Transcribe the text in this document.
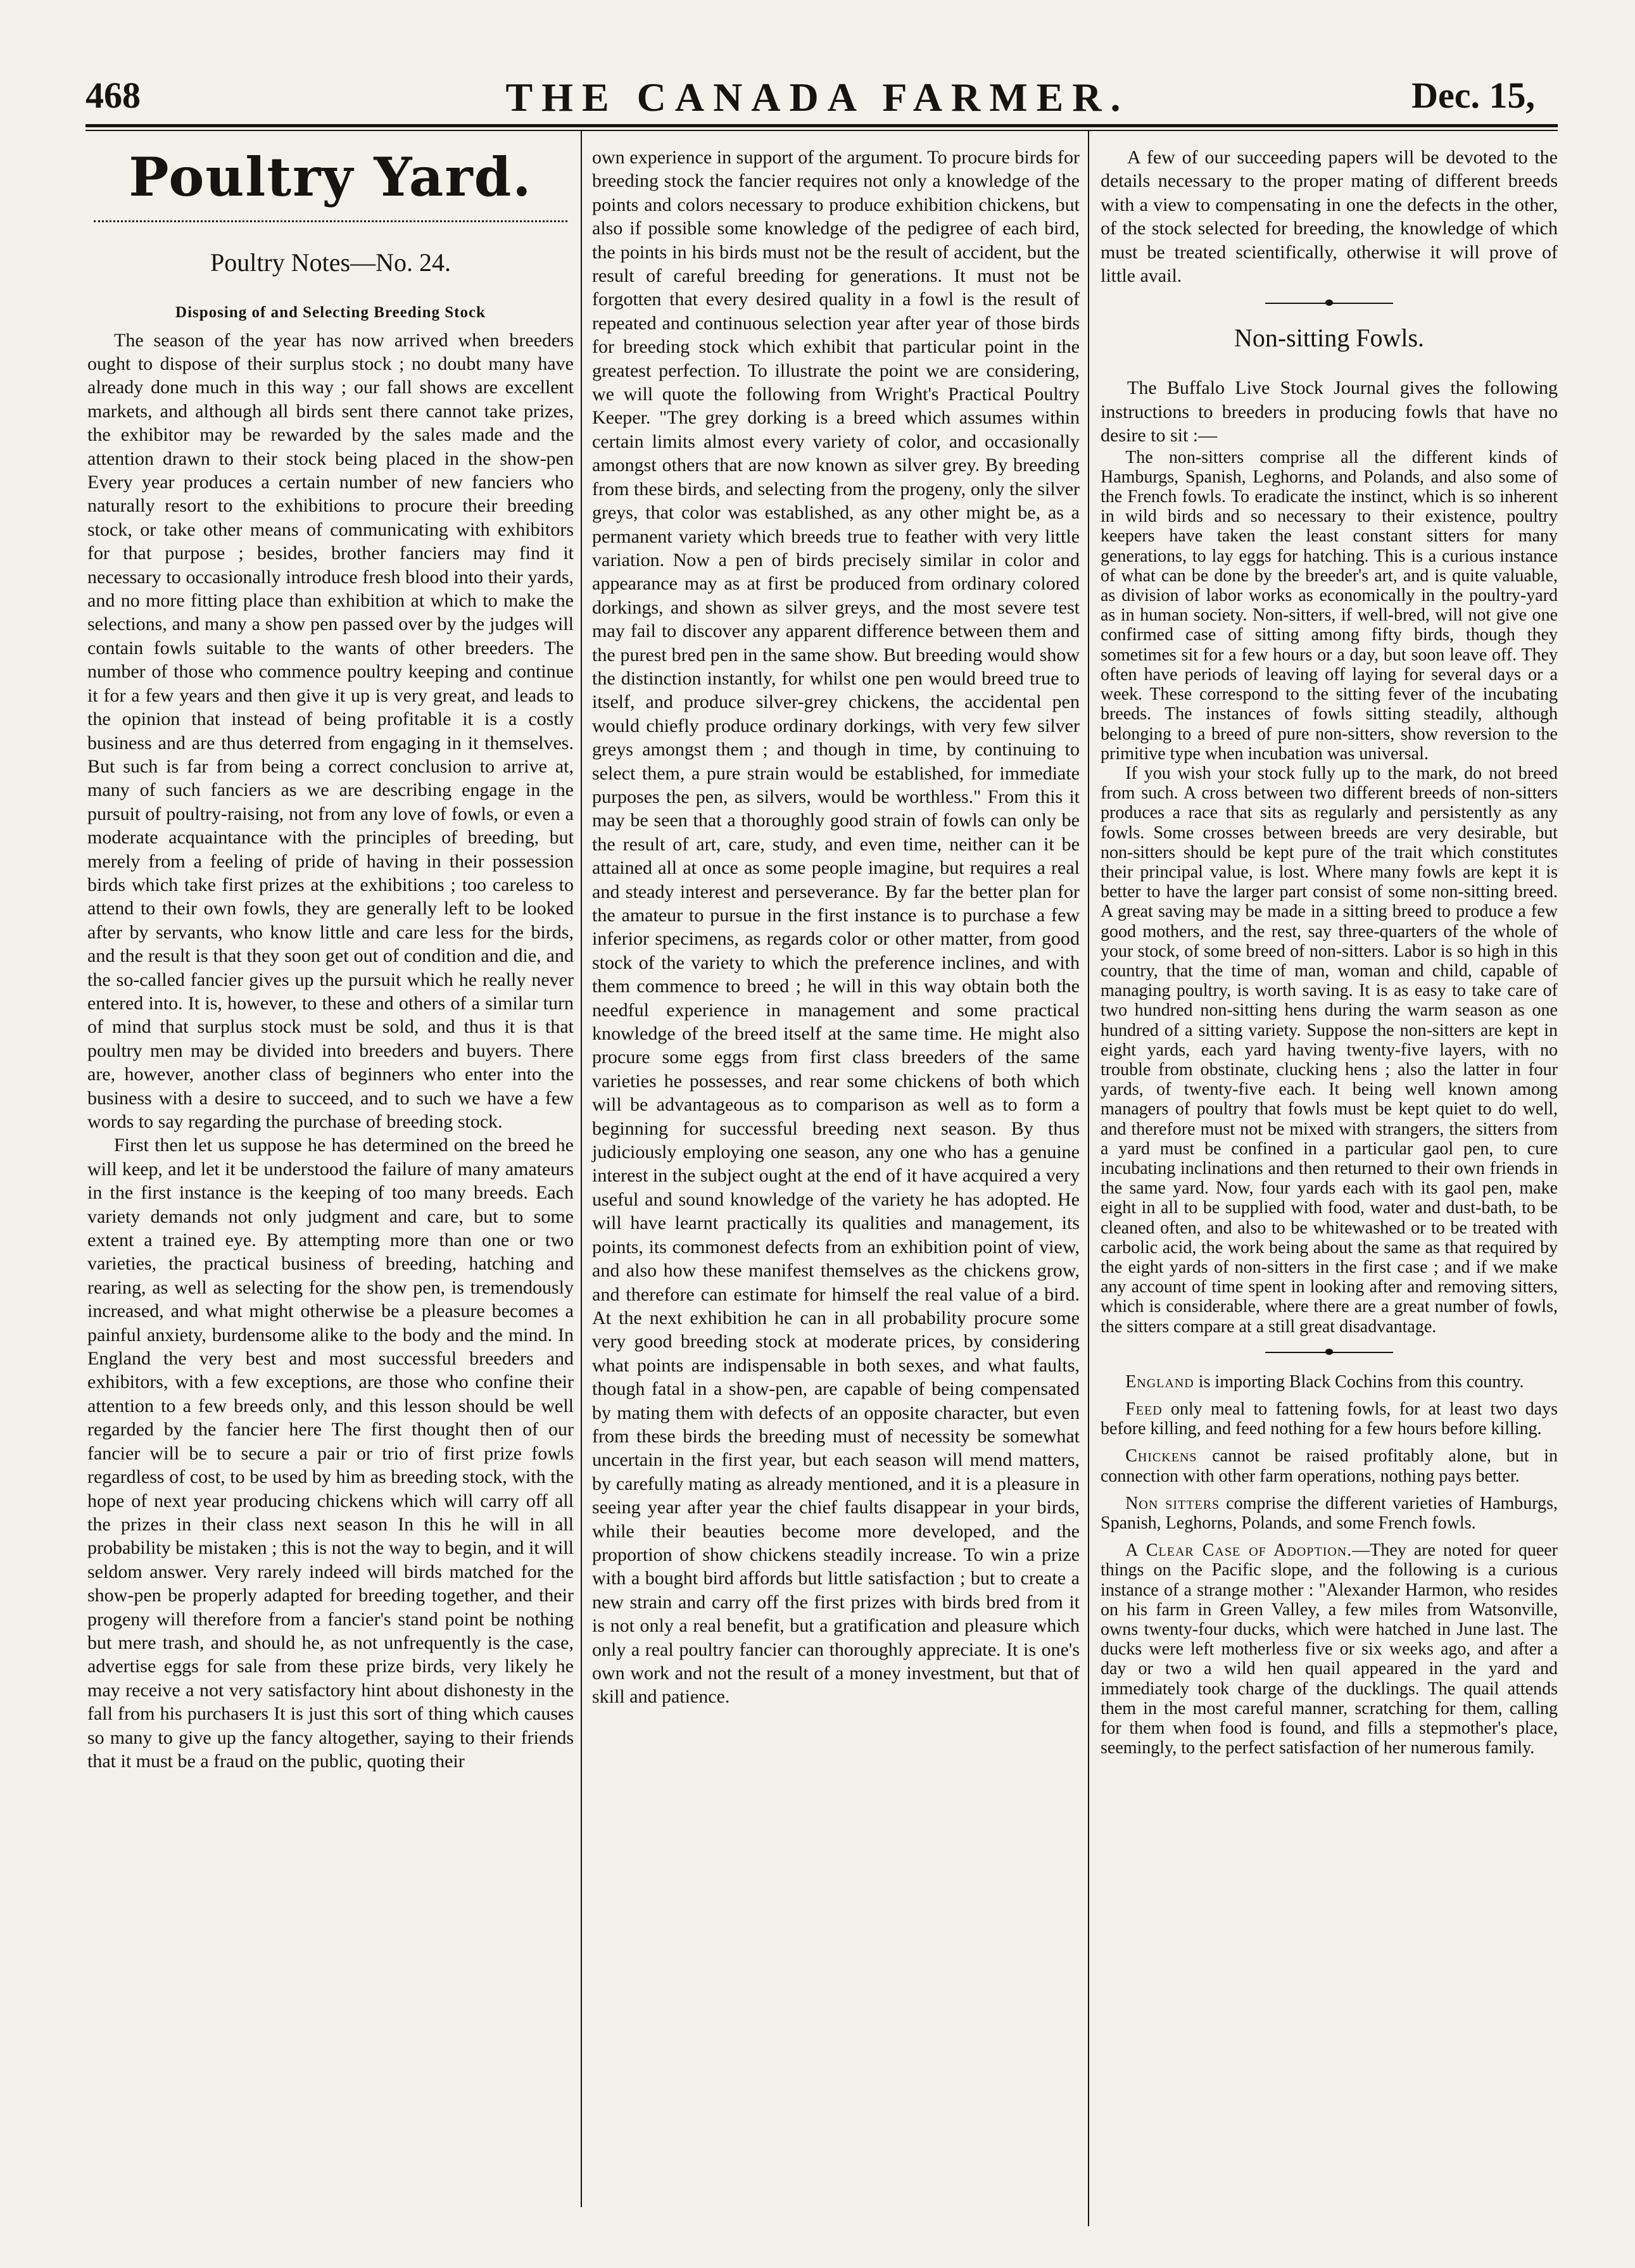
468	THE CANADA FARMER.	Dec. 15,
Poultry Yard.
Poultry Notes—No. 24.
Disposing of and Selecting Breeding Stock

The season of the year has now arrived when breeders ought to dispose of their surplus stock ; no doubt many have already done much in this way ; our fall shows are excellent markets, and although all birds sent there cannot take prizes, the exhibitor may be rewarded by the sales made and the attention drawn to their stock being placed in the show-pen Every year produces a certain number of new fanciers who naturally resort to the exhibitions to procure their breeding stock, or take other means of communicating with exhibitors for that purpose ; besides, brother fanciers may find it necessary to occasionally introduce fresh blood into their yards, and no more fitting place than exhibition at which to make the selections, and many a show pen passed over by the judges will contain fowls suitable to the wants of other breeders. The number of those who commence poultry keeping and continue it for a few years and then give it up is very great, and leads to the opinion that instead of being profitable it is a costly business and are thus deterred from engaging in it themselves. But such is far from being a correct conclusion to arrive at, many of such fanciers as we are describing engage in the pursuit of poultry-raising, not from any love of fowls, or even a moderate acquaintance with the principles of breeding, but merely from a feeling of pride of having in their possession birds which take first prizes at the exhibitions ; too careless to attend to their own fowls, they are generally left to be looked after by servants, who know little and care less for the birds, and the result is that they soon get out of condition and die, and the so-called fancier gives up the pursuit which he really never entered into. It is, however, to these and others of a similar turn of mind that surplus stock must be sold, and thus it is that poultry men may be divided into breeders and buyers. There are, however, another class of beginners who enter into the business with a desire to succeed, and to such we have a few words to say regarding the purchase of breeding stock.

First then let us suppose he has determined on the breed he will keep, and let it be understood the failure of many amateurs in the first instance is the keeping of too many breeds. Each variety demands not only judgment and care, but to some extent a trained eye. By attempting more than one or two varieties, the practical business of breeding, hatching and rearing, as well as selecting for the show pen, is tremendously increased, and what might otherwise be a pleasure becomes a painful anxiety, burdensome alike to the body and the mind. In England the very best and most successful breeders and exhibitors, with a few exceptions, are those who confine their attention to a few breeds only, and this lesson should be well regarded by the fancier here The first thought then of our fancier will be to secure a pair or trio of first prize fowls regardless of cost, to be used by him as breeding stock, with the hope of next year producing chickens which will carry off all the prizes in their class next season In this he will in all probability be mistaken ; this is not the way to begin, and it will seldom answer. Very rarely indeed will birds matched for the show-pen be properly adapted for breeding together, and their progeny will therefore from a fancier's stand point be nothing but mere trash, and should he, as not unfrequently is the case, advertise eggs for sale from these prize birds, very likely he may receive a not very satisfactory hint about dishonesty in the fall from his purchasers It is just this sort of thing which causes so many to give up the fancy altogether, saying to their friends that it must be a fraud on the public, quoting their

own experience in support of the argument. To procure birds for breeding stock the fancier requires not only a knowledge of the points and colors necessary to produce exhibition chickens, but also if possible some knowledge of the pedigree of each bird, the points in his birds must not be the result of accident, but the result of careful breeding for generations. It must not be forgotten that every desired quality in a fowl is the result of repeated and continuous selection year after year of those birds for breeding stock which exhibit that particular point in the greatest perfection. To illustrate the point we are considering, we will quote the following from Wright's Practical Poultry Keeper. "The grey dorking is a breed which assumes within certain limits almost every variety of color, and occasionally amongst others that are now known as silver grey. By breeding from these birds, and selecting from the progeny, only the silver greys, that color was established, as any other might be, as a permanent variety which breeds true to feather with very little variation. Now a pen of birds precisely similar in color and appearance may as at first be produced from ordinary colored dorkings, and shown as silver greys, and the most severe test may fail to discover any apparent difference between them and the purest bred pen in the same show. But breeding would show the distinction instantly, for whilst one pen would breed true to itself, and produce silver-grey chickens, the accidental pen would chiefly produce ordinary dorkings, with very few silver greys amongst them ; and though in time, by continuing to select them, a pure strain would be established, for immediate purposes the pen, as silvers, would be worthless." From this it may be seen that a thoroughly good strain of fowls can only be the result of art, care, study, and even time, neither can it be attained all at once as some people imagine, but requires a real and steady interest and perseverance. By far the better plan for the amateur to pursue in the first instance is to purchase a few inferior specimens, as regards color or other matter, from good stock of the variety to which the preference inclines, and with them commence to breed ; he will in this way obtain both the needful experience in management and some practical knowledge of the breed itself at the same time. He might also procure some eggs from first class breeders of the same varieties he possesses, and rear some chickens of both which will be advantageous as to comparison as well as to form a beginning for successful breeding next season. By thus judiciously employing one season, any one who has a genuine interest in the subject ought at the end of it have acquired a very useful and sound knowledge of the variety he has adopted. He will have learnt practically its qualities and management, its points, its commonest defects from an exhibition point of view, and also how these manifest themselves as the chickens grow, and therefore can estimate for himself the real value of a bird. At the next exhibition he can in all probability procure some very good breeding stock at moderate prices, by considering what points are indispensable in both sexes, and what faults, though fatal in a show-pen, are capable of being compensated by mating them with defects of an opposite character, but even from these birds the breeding must of necessity be somewhat uncertain in the first year, but each season will mend matters, by carefully mating as already mentioned, and it is a pleasure in seeing year after year the chief faults disappear in your birds, while their beauties become more developed, and the proportion of show chickens steadily increase. To win a prize with a bought bird affords but little satisfaction ; but to create a new strain and carry off the first prizes with birds bred from it is not only a real benefit, but a gratification and pleasure which only a real poultry fancier can thoroughly appreciate. It is one's own work and not the result of a money investment, but that of skill and patience.

A few of our succeeding papers will be devoted to the details necessary to the proper mating of different breeds with a view to compensating in one the defects in the other, of the stock selected for breeding, the knowledge of which must be treated scientifically, otherwise it will prove of little avail.

Non-sitting Fowls.

The Buffalo Live Stock Journal gives the following instructions to breeders in producing fowls that have no desire to sit :—

The non-sitters comprise all the different kinds of Hamburgs, Spanish, Leghorns, and Polands, and also some of the French fowls. To eradicate the instinct, which is so inherent in wild birds and so necessary to their existence, poultry keepers have taken the least constant sitters for many generations, to lay eggs for hatching. This is a curious instance of what can be done by the breeder's art, and is quite valuable, as division of labor works as economically in the poultry-yard as in human society. Non-sitters, if well-bred, will not give one confirmed case of sitting among fifty birds, though they sometimes sit for a few hours or a day, but soon leave off. They often have periods of leaving off laying for several days or a week. These correspond to the sitting fever of the incubating breeds. The instances of fowls sitting steadily, although belonging to a breed of pure non-sitters, show reversion to the primitive type when incubation was universal.

If you wish your stock fully up to the mark, do not breed from such. A cross between two different breeds of non-sitters produces a race that sits as regularly and persistently as any fowls. Some crosses between breeds are very desirable, but non-sitters should be kept pure of the trait which constitutes their principal value, is lost. Where many fowls are kept it is better to have the larger part consist of some non-sitting breed. A great saving may be made in a sitting breed to produce a few good mothers, and the rest, say three-quarters of the whole of your stock, of some breed of non-sitters. Labor is so high in this country, that the time of man, woman and child, capable of managing poultry, is worth saving. It is as easy to take care of two hundred non-sitting hens during the warm season as one hundred of a sitting variety. Suppose the non-sitters are kept in eight yards, each yard having twenty-five layers, with no trouble from obstinate, clucking hens ; also the latter in four yards, of twenty-five each. It being well known among managers of poultry that fowls must be kept quiet to do well, and therefore must not be mixed with strangers, the sitters from a yard must be confined in a particular gaol pen, to cure incubating inclinations and then returned to their own friends in the same yard. Now, four yards each with its gaol pen, make eight in all to be supplied with food, water and dust-bath, to be cleaned often, and also to be whitewashed or to be treated with carbolic acid, the work being about the same as that required by the eight yards of non-sitters in the first case ; and if we make any account of time spent in looking after and removing sitters, which is considerable, where there are a great number of fowls, the sitters compare at a still great disadvantage.

England is importing Black Cochins from this country.

Feed only meal to fattening fowls, for at least two days before killing, and feed nothing for a few hours before killing.

Chickens cannot be raised profitably alone, but in connection with other farm operations, nothing pays better.

Non sitters comprise the different varieties of Hamburgs, Spanish, Leghorns, Polands, and some French fowls.

A Clear Case of Adoption.—They are noted for queer things on the Pacific slope, and the following is a curious instance of a strange mother : "Alexander Harmon, who resides on his farm in Green Valley, a few miles from Watsonville, owns twenty-four ducks, which were hatched in June last. The ducks were left motherless five or six weeks ago, and after a day or two a wild hen quail appeared in the yard and immediately took charge of the ducklings. The quail attends them in the most careful manner, scratching for them, calling for them when food is found, and fills a stepmother's place, seemingly, to the perfect satisfaction of her numerous family.
